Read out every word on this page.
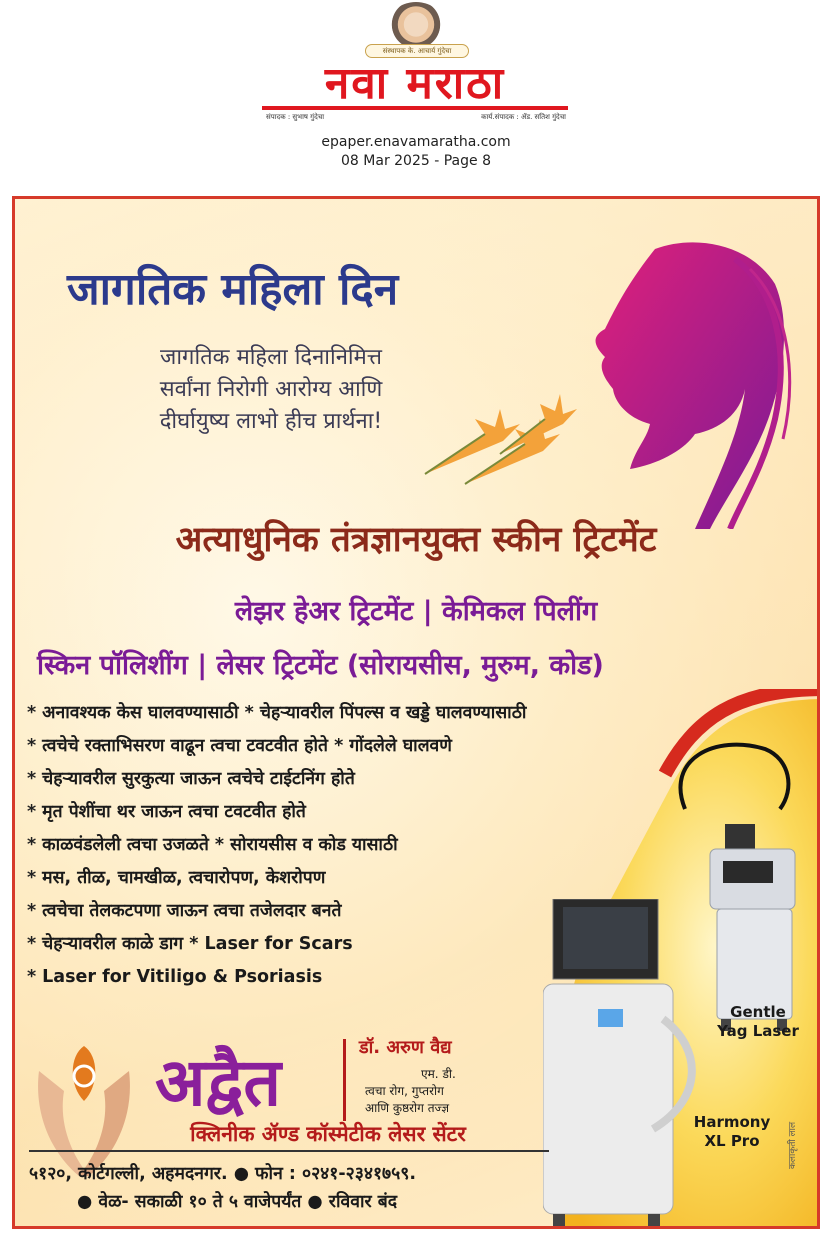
संस्थापक के. आचार्य गुंदेचा
नवा मराठा
संपादक : सुभाष गुंदेचा	कार्य.संपादक : ॲड. सतिश गुंदेचा
epaper.enavamaratha.com
08 Mar 2025 - Page 8
जागतिक महिला दिन
जागतिक महिला दिनानिमित्त
सर्वांना निरोगी आरोग्य आणि
दीर्घायुष्य लाभो हीच प्रार्थना!
अत्याधुनिक तंत्रज्ञानयुक्त स्कीन ट्रिटमेंट
लेझर हेअर ट्रिटमेंट | केमिकल पिलींग
स्किन पॉलिशींग | लेसर ट्रिटमेंट (सोरायसीस, मुरुम, कोड)
* अनावश्यक केस घालवण्यासाठी * चेहऱ्यावरील पिंपल्स व खड्डे घालवण्यासाठी
* त्वचेचे रक्ताभिसरण वाढून त्वचा टवटवीत होते * गोंदलेले घालवणे
* चेहऱ्यावरील सुरकुत्या जाऊन त्वचेचे टाईटनिंग होते
* मृत पेशींचा थर जाऊन त्वचा टवटवीत होते
* काळवंडलेली त्वचा उजळते * सोरायसीस व कोड यासाठी
* मस, तीळ, चामखीळ, त्वचारोपण, केशरोपण
* त्वचेचा तेलकटपणा जाऊन त्वचा तजेलदार बनते
* चेहऱ्यावरील काळे डाग * Laser for Scars
* Laser for Vitiligo & Psoriasis
Gentle
Yag Laser
Harmony
XL Pro
अद्वैत	डॉ. अरुण वैद्य
एम. डी.
त्वचा रोग, गुप्तरोग
आणि कुष्ठरोग तज्ज्ञ
क्लिनीक ॲण्ड कॉस्मेटीक लेसर सेंटर
५१२०, कोर्टगल्ली, अहमदनगर. ● फोन : ०२४१-२३४१७५९.
● वेळ- सकाळी १० ते ५ वाजेपर्यंत ● रविवार बंद
कलाकृती लाल
